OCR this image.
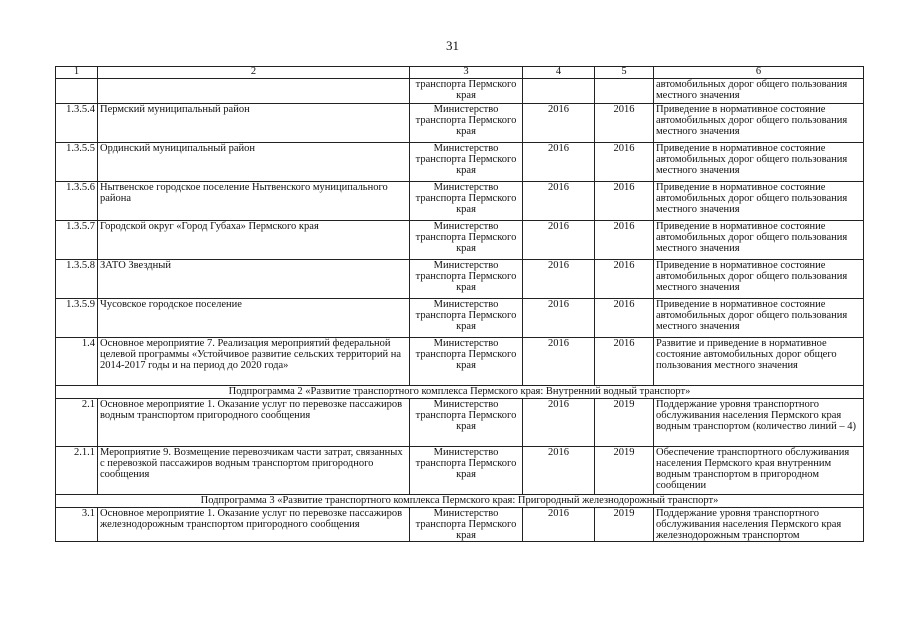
31
1	2	3	4	5	6
		транспорта Пермского края			автомобильных дорог общего пользования местного значения
1.3.5.4	Пермский муниципальный район	Министерство транспорта Пермского края	2016	2016	Приведение в нормативное состояние автомобильных дорог общего пользования местного значения
1.3.5.5	Ординский муниципальный район	Министерство транспорта Пермского края	2016	2016	Приведение в нормативное состояние автомобильных дорог общего пользования местного значения
1.3.5.6	Нытвенское городское поселение Нытвенского муниципального района	Министерство транспорта Пермского края	2016	2016	Приведение в нормативное состояние автомобильных дорог общего пользования местного значения
1.3.5.7	Городской округ «Город Губаха» Пермского края	Министерство транспорта Пермского края	2016	2016	Приведение в нормативное состояние автомобильных дорог общего пользования местного значения
1.3.5.8	ЗАТО Звездный	Министерство транспорта Пермского края	2016	2016	Приведение в нормативное состояние автомобильных дорог общего пользования местного значения
1.3.5.9	Чусовское городское поселение	Министерство транспорта Пермского края	2016	2016	Приведение в нормативное состояние автомобильных дорог общего пользования местного значения
1.4	Основное мероприятие 7. Реализация мероприятий федеральной целевой программы «Устойчивое развитие сельских территорий на 2014-2017 годы и на период до 2020 года»	Министерство транспорта Пермского края	2016	2016	Развитие и приведение в нормативное состояние автомобильных дорог общего пользования местного значения
Подпрограмма 2 «Развитие транспортного комплекса Пермского края: Внутренний водный транспорт»					
2.1	Основное мероприятие 1. Оказание услуг по перевозке пассажиров водным транспортом пригородного сообщения	Министерство транспорта Пермского края	2016	2019	Поддержание уровня транспортного обслуживания населения Пермского края водным транспортом (количество линий – 4)
2.1.1	Мероприятие 9. Возмещение перевозчикам части затрат, связанных с перевозкой пассажиров водным транспортом пригородного сообщения	Министерство транспорта Пермского края	2016	2019	Обеспечение транспортного обслуживания населения Пермского края внутренним водным транспортом в пригородном сообщении
Подпрограмма 3 «Развитие транспортного комплекса Пермского края: Пригородный железнодорожный транспорт»					
3.1	Основное мероприятие 1. Оказание услуг по перевозке пассажиров железнодорожным транспортом пригородного сообщения	Министерство транспорта Пермского края	2016	2019	Поддержание уровня транспортного обслуживания населения Пермского края железнодорожным транспортом
